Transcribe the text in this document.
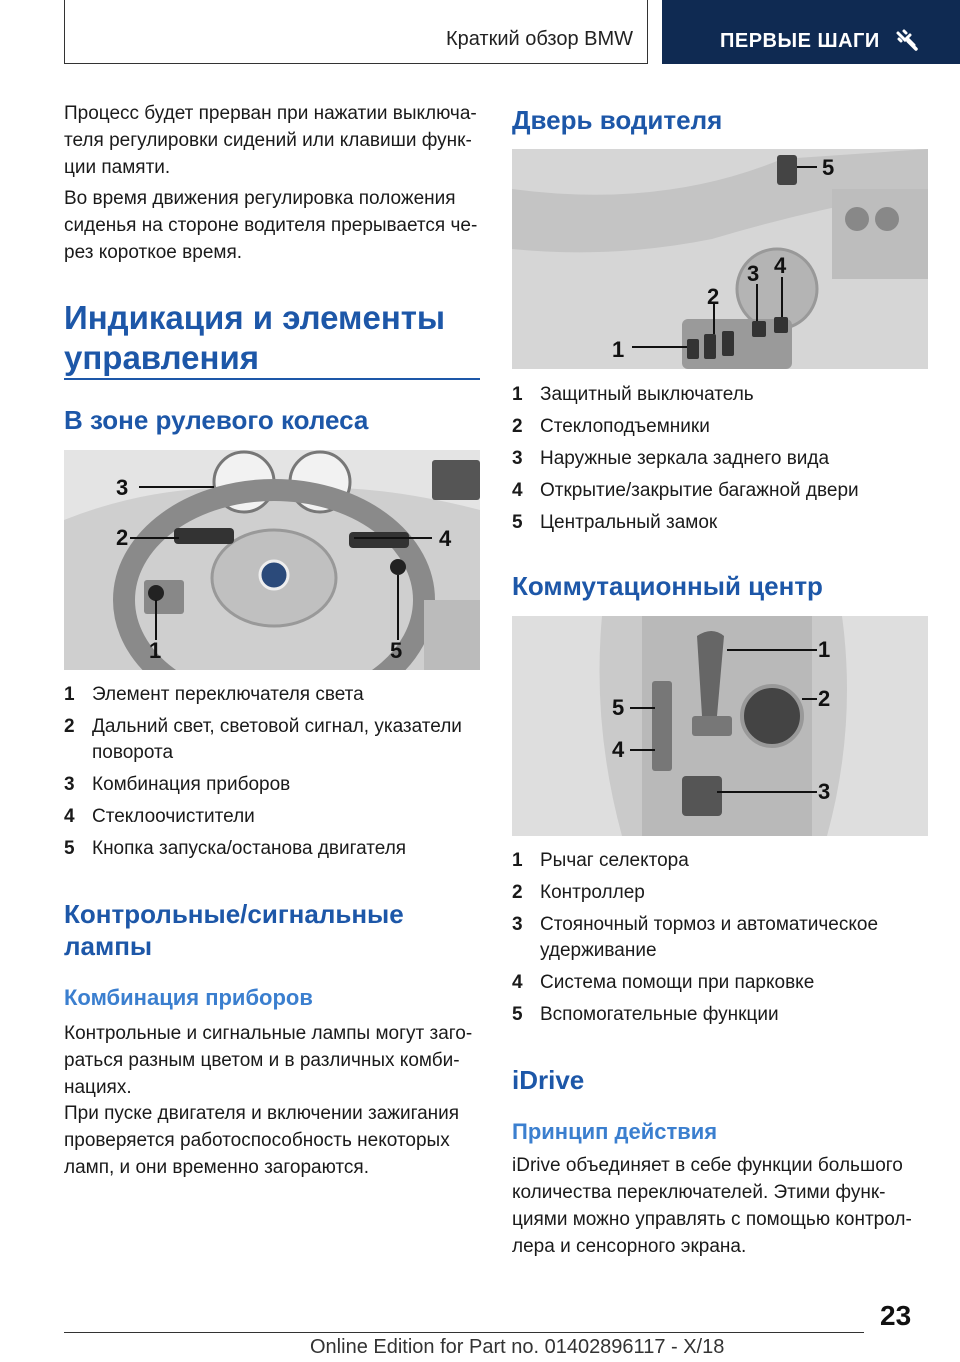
Краткий обзор BMW	ПЕРВЫЕ ШАГИ
Процесс будет прерван при нажатии выключа-
теля регулировки сидений или клавиши функ-
ции памяти.
Во время движения регулировка положения
сиденья на стороне водителя прерывается че-
рез короткое время.
Индикация и элементы
управления
В зоне рулевого колеса
3
2	4
1	5
1 Элемент переключателя света
2 Дальний свет, световой сигнал, указатели поворота
3 Комбинация приборов
4 Стеклоочистители
5 Кнопка запуска/останова двигателя
Контрольные/сигнальные
лампы
Комбинация приборов
Контрольные и сигнальные лампы могут заго-
раться разным цветом и в различных комби-
нациях.
При пуске двигателя и включении зажигания
проверяется работоспособность некоторых
ламп, и они временно загораются.
Дверь водителя
1
2
3 4
5
1 Защитный выключатель
2 Стеклоподъемники
3 Наружные зеркала заднего вида
4 Открытие/закрытие багажной двери
5 Центральный замок
Коммутационный центр
1
2
3
4
5
1 Рычаг селектора
2 Контроллер
3 Стояночный тормоз и автоматическое удерживание
4 Система помощи при парковке
5 Вспомогательные функции
iDrive
Принцип действия
iDrive объединяет в себе функции большого
количества переключателей. Этими функ-
циями можно управлять с помощью контрол-
лера и сенсорного экрана.
23
Online Edition for Part no. 01402896117 - X/18
